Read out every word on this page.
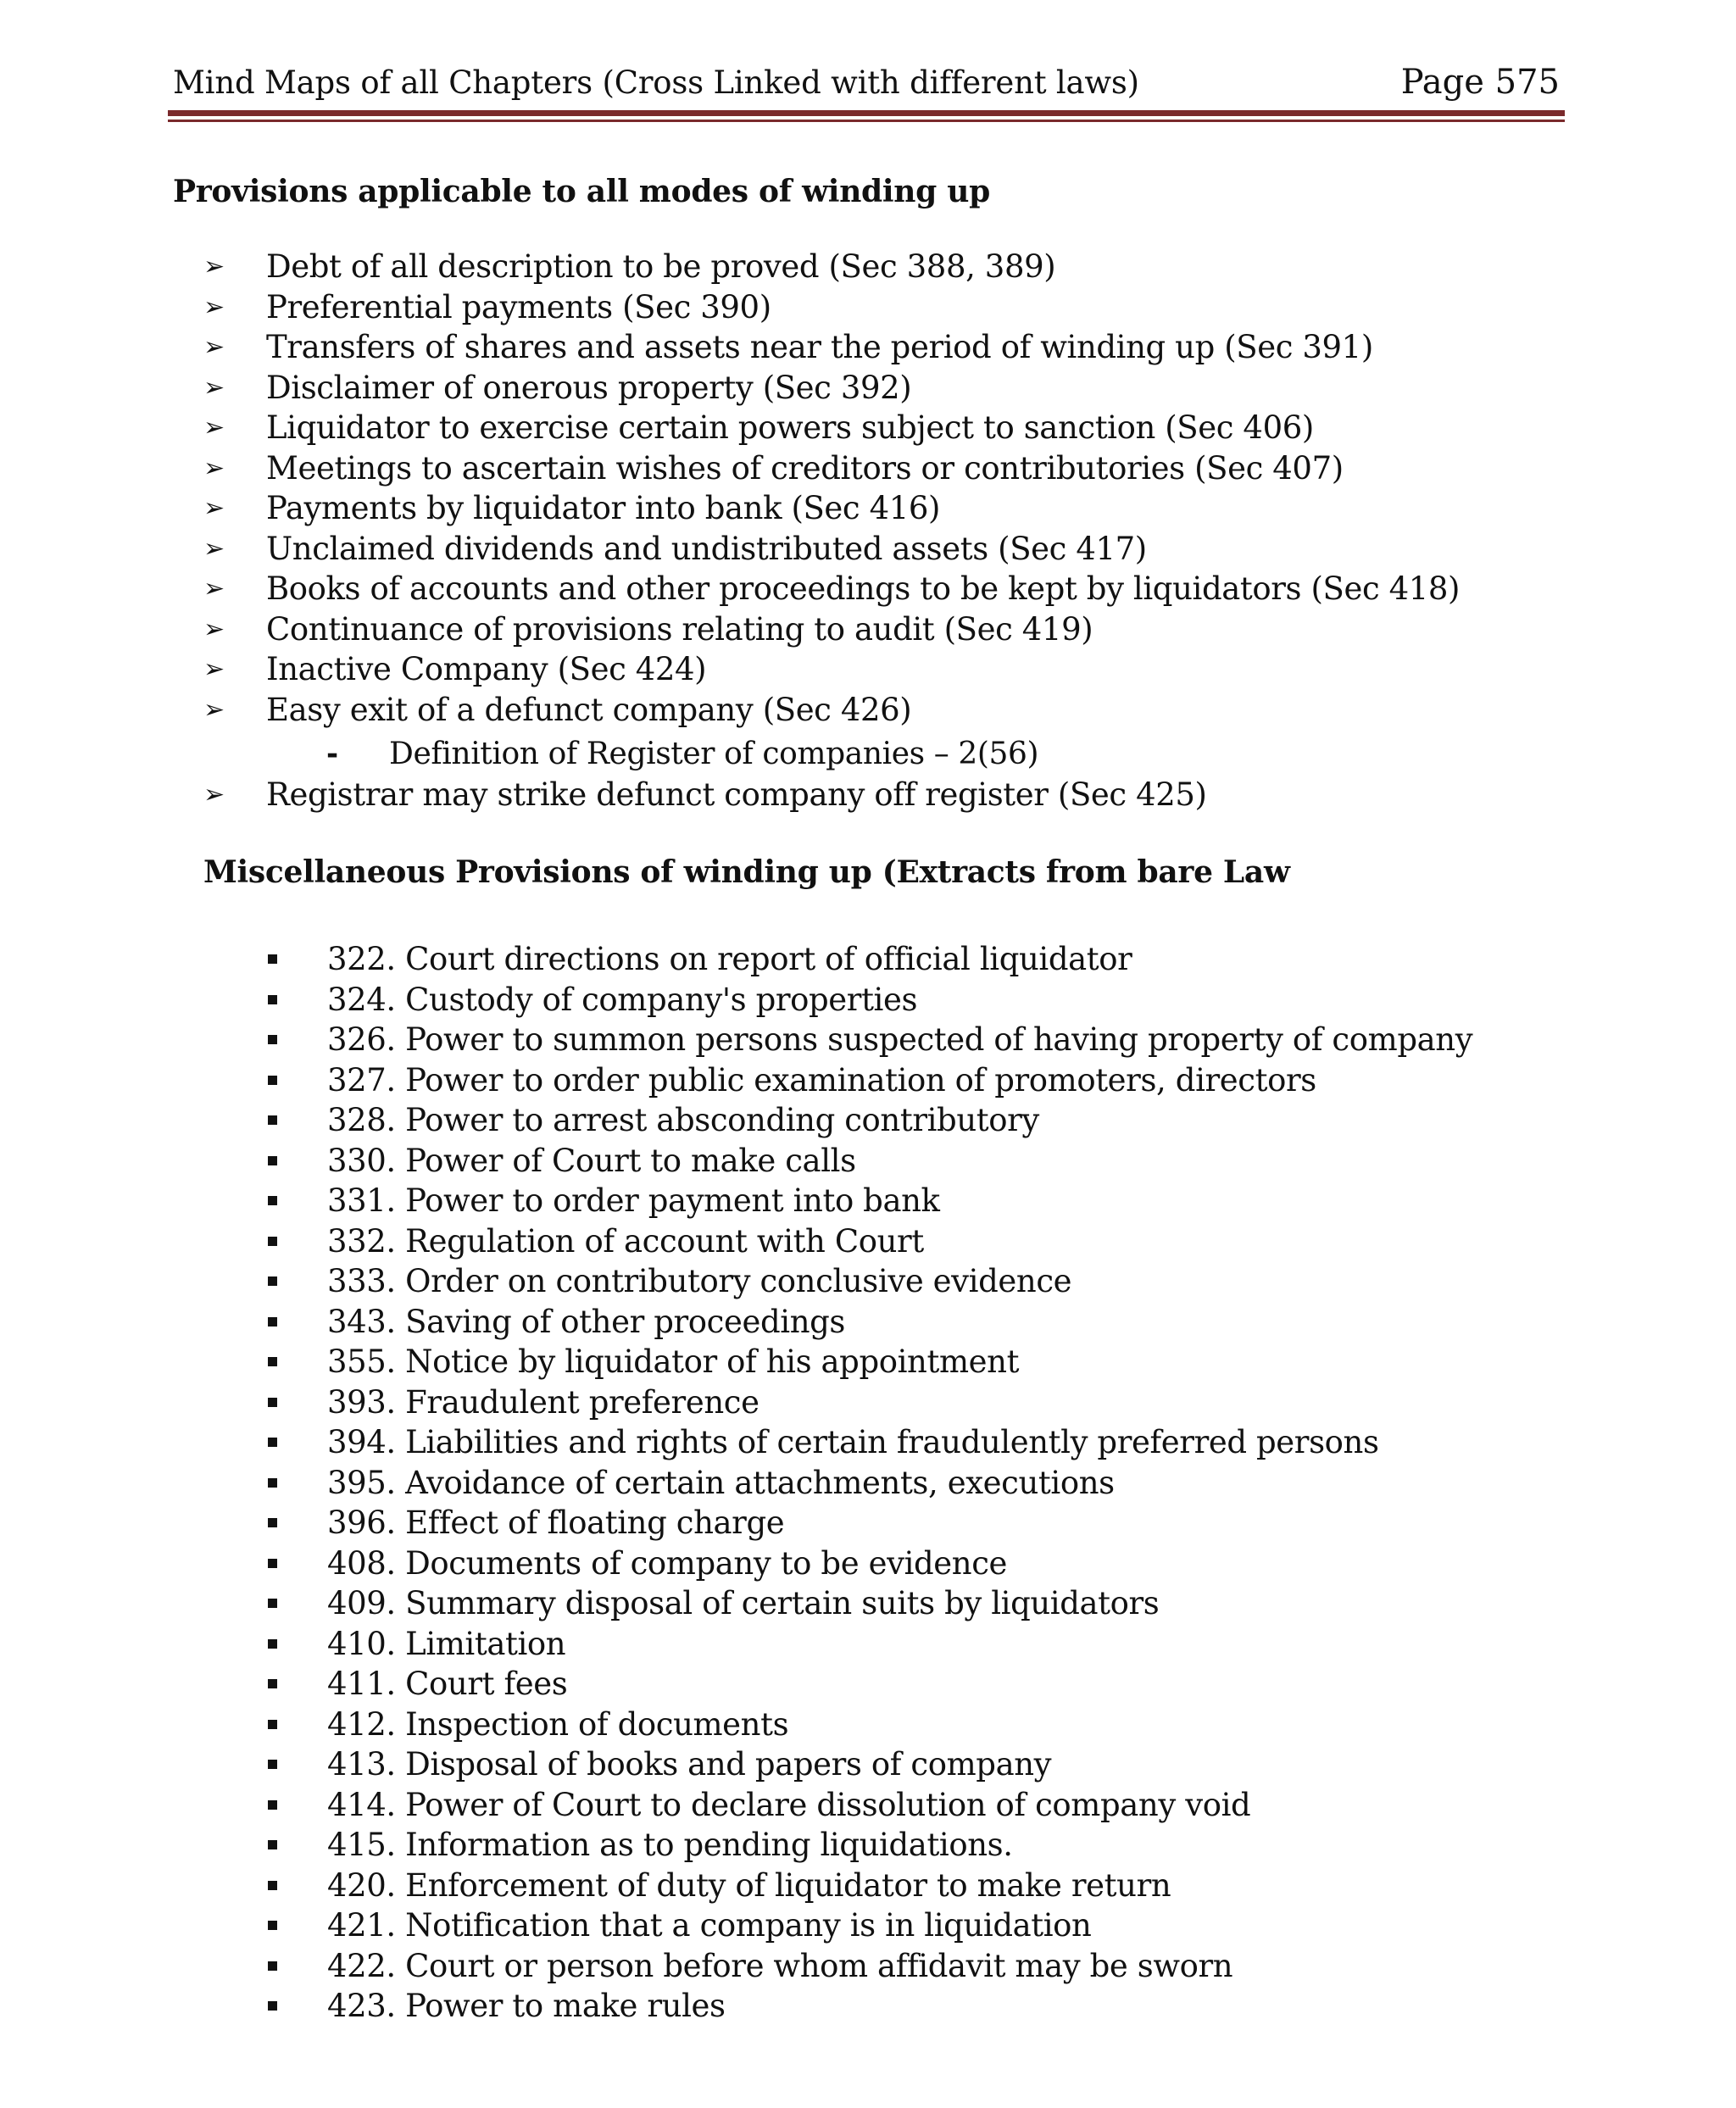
Mind Maps of all Chapters (Cross Linked with different laws)	Page 575
Provisions applicable to all modes of winding up
➢ Debt of all description to be proved (Sec 388, 389)
➢ Preferential payments (Sec 390)
➢ Transfers of shares and assets near the period of winding up (Sec 391)
➢ Disclaimer of onerous property (Sec 392)
➢ Liquidator to exercise certain powers subject to sanction (Sec 406)
➢ Meetings to ascertain wishes of creditors or contributories (Sec 407)
➢ Payments by liquidator into bank (Sec 416)
➢ Unclaimed dividends and undistributed assets (Sec 417)
➢ Books of accounts and other proceedings to be kept by liquidators (Sec 418)
➢ Continuance of provisions relating to audit (Sec 419)
➢ Inactive Company (Sec 424)
➢ Easy exit of a defunct company (Sec 426)
- Definition of Register of companies – 2(56)
➢ Registrar may strike defunct company off register (Sec 425)
Miscellaneous Provisions of winding up (Extracts from bare Law
322. Court directions on report of official liquidator
324. Custody of company's properties
326. Power to summon persons suspected of having property of company
327. Power to order public examination of promoters, directors
328. Power to arrest absconding contributory
330. Power of Court to make calls
331. Power to order payment into bank
332. Regulation of account with Court
333. Order on contributory conclusive evidence
343. Saving of other proceedings
355. Notice by liquidator of his appointment
393. Fraudulent preference
394. Liabilities and rights of certain fraudulently preferred persons
395. Avoidance of certain attachments, executions
396. Effect of floating charge
408. Documents of company to be evidence
409. Summary disposal of certain suits by liquidators
410. Limitation
411. Court fees
412. Inspection of documents
413. Disposal of books and papers of company
414. Power of Court to declare dissolution of company void
415. Information as to pending liquidations.
420. Enforcement of duty of liquidator to make return
421. Notification that a company is in liquidation
422. Court or person before whom affidavit may be sworn
423. Power to make rules
